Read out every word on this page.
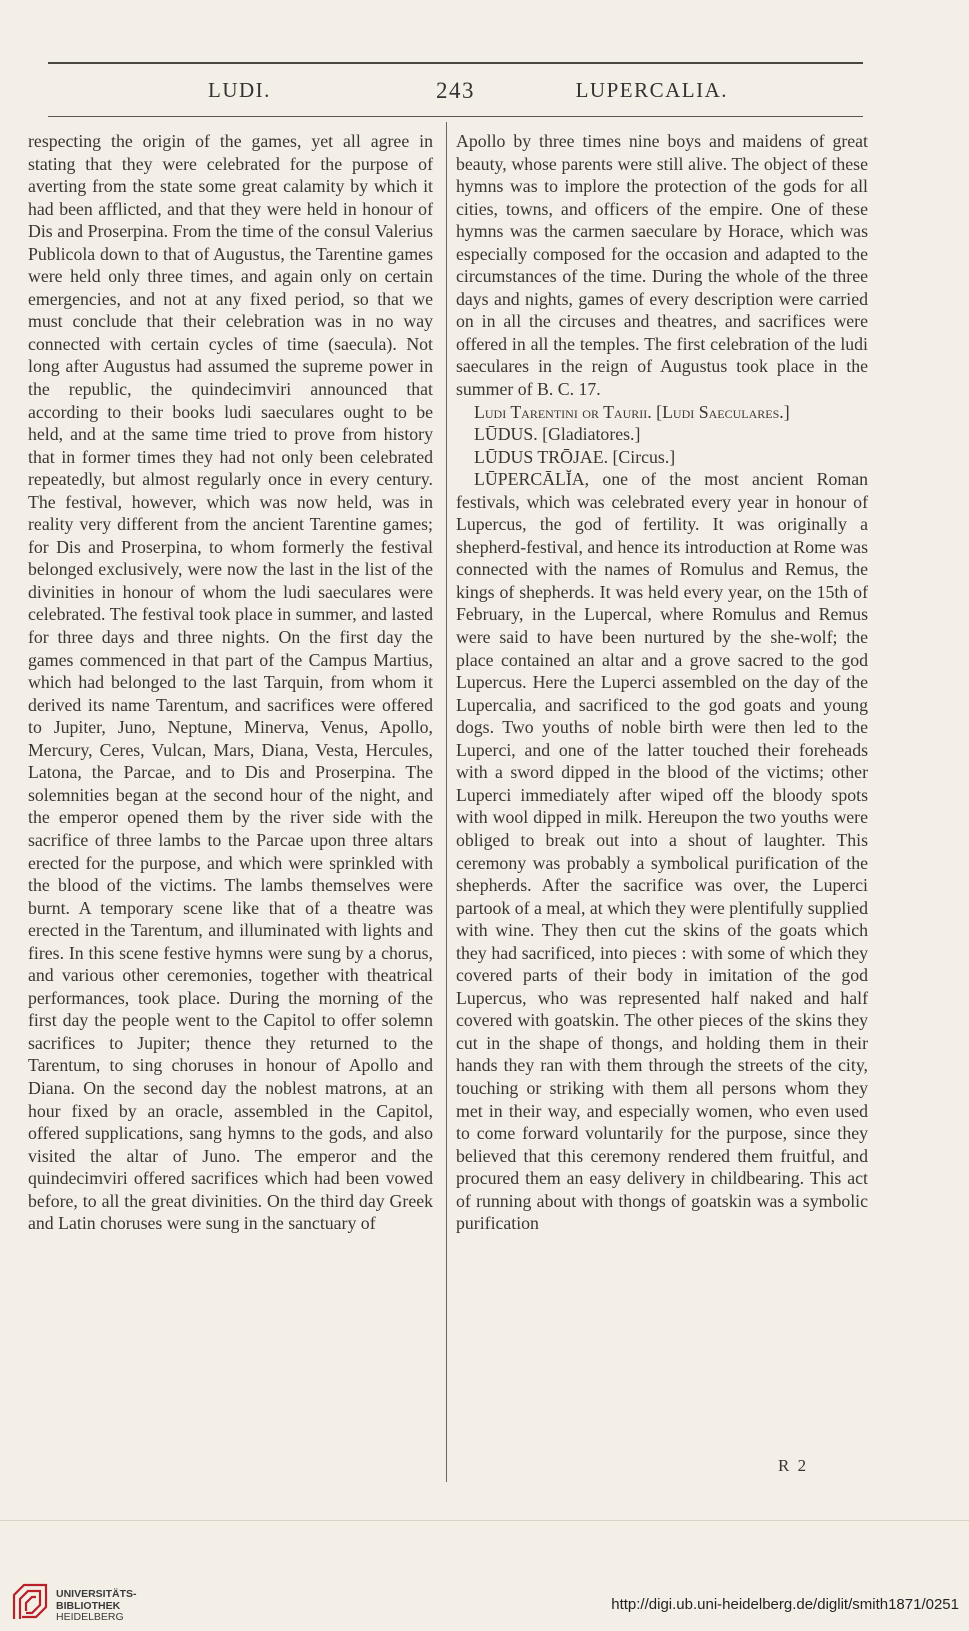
LUDI.	243	LUPERCALIA.

respecting the origin of the games, yet all agree in stating that they were celebrated for the purpose of averting from the state some great calamity by which it had been afflicted, and that they were held in honour of Dis and Proserpina. From the time of the consul Valerius Publicola down to that of Augustus, the Tarentine games were held only three times, and again only on certain emergencies, and not at any fixed period, so that we must conclude that their celebration was in no way connected with certain cycles of time (saecula). Not long after Augustus had assumed the supreme power in the republic, the quindecimviri announced that according to their books ludi saeculares ought to be held, and at the same time tried to prove from history that in former times they had not only been celebrated repeatedly, but almost regularly once in every century. The festival, however, which was now held, was in reality very different from the ancient Tarentine games; for Dis and Proserpina, to whom formerly the festival belonged exclusively, were now the last in the list of the divinities in honour of whom the ludi saeculares were celebrated. The festival took place in summer, and lasted for three days and three nights. On the first day the games commenced in that part of the Campus Martius, which had belonged to the last Tarquin, from whom it derived its name Tarentum, and sacrifices were offered to Jupiter, Juno, Neptune, Minerva, Venus, Apollo, Mercury, Ceres, Vulcan, Mars, Diana, Vesta, Hercules, Latona, the Parcae, and to Dis and Proserpina. The solemnities began at the second hour of the night, and the emperor opened them by the river side with the sacrifice of three lambs to the Parcae upon three altars erected for the purpose, and which were sprinkled with the blood of the victims. The lambs themselves were burnt. A temporary scene like that of a theatre was erected in the Tarentum, and illuminated with lights and fires. In this scene festive hymns were sung by a chorus, and various other ceremonies, together with theatrical performances, took place. During the morning of the first day the people went to the Capitol to offer solemn sacrifices to Jupiter; thence they returned to the Tarentum, to sing choruses in honour of Apollo and Diana. On the second day the noblest matrons, at an hour fixed by an oracle, assembled in the Capitol, offered supplications, sang hymns to the gods, and also visited the altar of Juno. The emperor and the quindecimviri offered sacrifices which had been vowed before, to all the great divinities. On the third day Greek and Latin choruses were sung in the sanctuary of

Apollo by three times nine boys and maidens of great beauty, whose parents were still alive. The object of these hymns was to implore the protection of the gods for all cities, towns, and officers of the empire. One of these hymns was the carmen saeculare by Horace, which was especially composed for the occasion and adapted to the circumstances of the time. During the whole of the three days and nights, games of every description were carried on in all the circuses and theatres, and sacrifices were offered in all the temples. The first celebration of the ludi saeculares in the reign of Augustus took place in the summer of B. C. 17.

Ludi Tarentini or Taurii. [Ludi Saeculares.]

LŪDUS. [Gladiatores.]

LŪDUS TRŌJAE. [Circus.]

LŪPERCĀLĬA, one of the most ancient Roman festivals, which was celebrated every year in honour of Lupercus, the god of fertility. It was originally a shepherd-festival, and hence its introduction at Rome was connected with the names of Romulus and Remus, the kings of shepherds. It was held every year, on the 15th of February, in the Lupercal, where Romulus and Remus were said to have been nurtured by the she-wolf; the place contained an altar and a grove sacred to the god Lupercus. Here the Luperci assembled on the day of the Lupercalia, and sacrificed to the god goats and young dogs. Two youths of noble birth were then led to the Luperci, and one of the latter touched their foreheads with a sword dipped in the blood of the victims; other Luperci immediately after wiped off the bloody spots with wool dipped in milk. Hereupon the two youths were obliged to break out into a shout of laughter. This ceremony was probably a symbolical purification of the shepherds. After the sacrifice was over, the Luperci partook of a meal, at which they were plentifully supplied with wine. They then cut the skins of the goats which they had sacrificed, into pieces : with some of which they covered parts of their body in imitation of the god Lupercus, who was represented half naked and half covered with goatskin. The other pieces of the skins they cut in the shape of thongs, and holding them in their hands they ran with them through the streets of the city, touching or striking with them all persons whom they met in their way, and especially women, who even used to come forward voluntarily for the purpose, since they believed that this ceremony rendered them fruitful, and procured them an easy delivery in childbearing. This act of running about with thongs of goatskin was a symbolic purification

R 2
UNIVERSITÄTS-
BIBLIOTHEK
HEIDELBERG
http://digi.ub.uni-heidelberg.de/diglit/smith1871/0251
